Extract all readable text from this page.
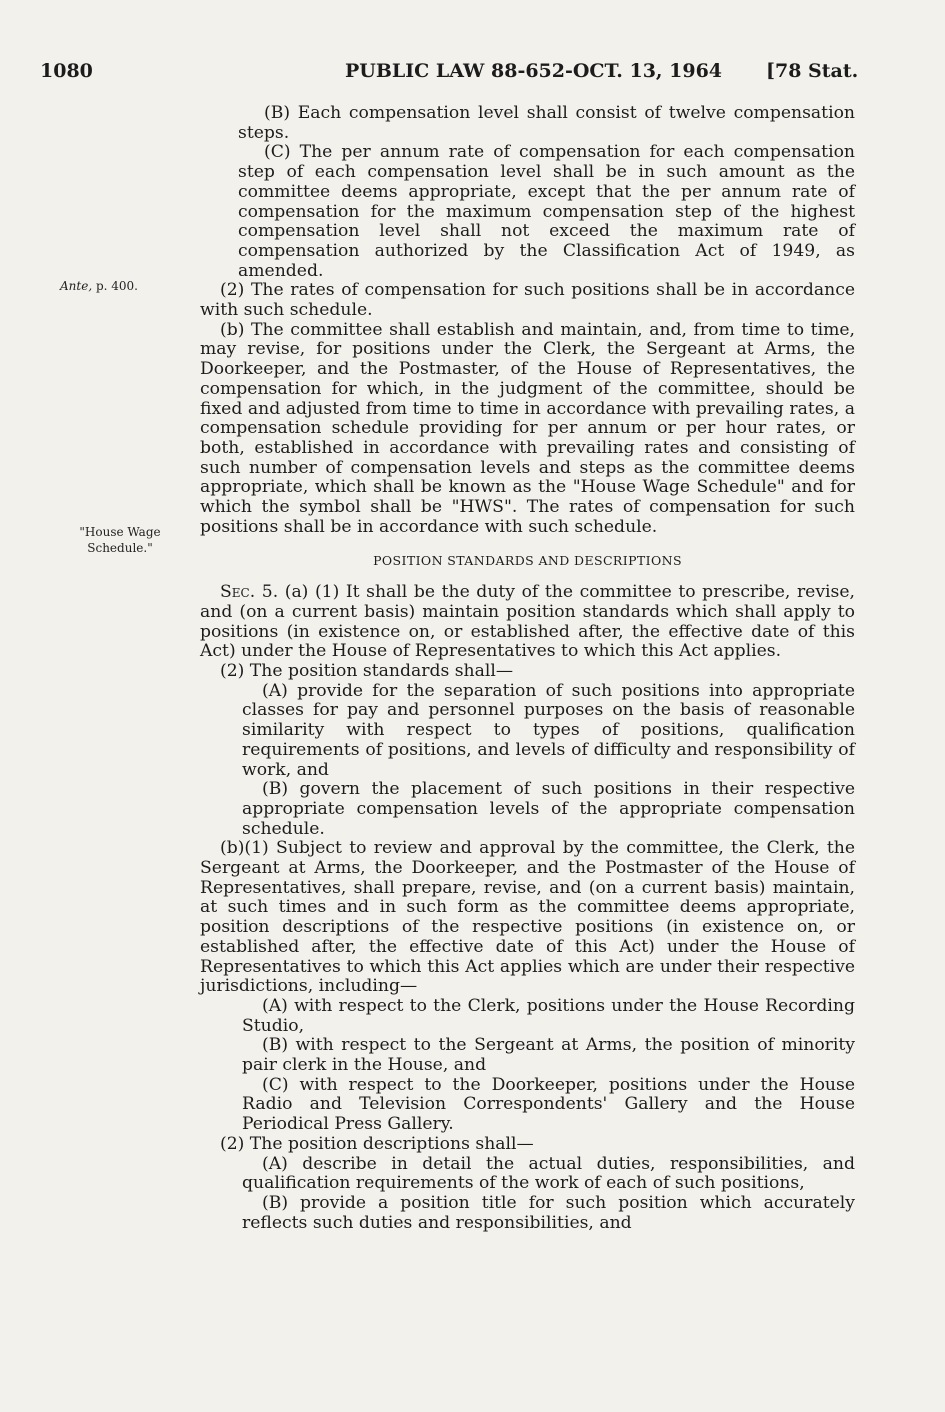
1080	PUBLIC LAW 88-652-OCT. 13, 1964 [78 Stat.
Ante, p. 400.
"House Wage
Schedule."

(B) Each compensation level shall consist of twelve compensation steps.

(C) The per annum rate of compensation for each compensation step of each compensation level shall be in such amount as the committee deems appropriate, except that the per annum rate of compensation for the maximum compensation step of the highest compensation level shall not exceed the maximum rate of compensation authorized by the Classification Act of 1949, as amended.

(2) The rates of compensation for such positions shall be in accordance with such schedule.

(b) The committee shall establish and maintain, and, from time to time, may revise, for positions under the Clerk, the Sergeant at Arms, the Doorkeeper, and the Postmaster, of the House of Representatives, the compensation for which, in the judgment of the committee, should be fixed and adjusted from time to time in accordance with prevailing rates, a compensation schedule providing for per annum or per hour rates, or both, established in accordance with prevailing rates and consisting of such number of compensation levels and steps as the committee deems appropriate, which shall be known as the "House Wage Schedule" and for which the symbol shall be "HWS". The rates of compensation for such positions shall be in accordance with such schedule.

POSITION STANDARDS AND DESCRIPTIONS

Sec. 5. (a) (1) It shall be the duty of the committee to prescribe, revise, and (on a current basis) maintain position standards which shall apply to positions (in existence on, or established after, the effective date of this Act) under the House of Representatives to which this Act applies.

(2) The position standards shall—

(A) provide for the separation of such positions into appropriate classes for pay and personnel purposes on the basis of reasonable similarity with respect to types of positions, qualification requirements of positions, and levels of difficulty and responsibility of work, and

(B) govern the placement of such positions in their respective appropriate compensation levels of the appropriate compensation schedule.

(b)(1) Subject to review and approval by the committee, the Clerk, the Sergeant at Arms, the Doorkeeper, and the Postmaster of the House of Representatives, shall prepare, revise, and (on a current basis) maintain, at such times and in such form as the committee deems appropriate, position descriptions of the respective positions (in existence on, or established after, the effective date of this Act) under the House of Representatives to which this Act applies which are under their respective jurisdictions, including—

(A) with respect to the Clerk, positions under the House Recording Studio,

(B) with respect to the Sergeant at Arms, the position of minority pair clerk in the House, and

(C) with respect to the Doorkeeper, positions under the House Radio and Television Correspondents' Gallery and the House Periodical Press Gallery.

(2) The position descriptions shall—

(A) describe in detail the actual duties, responsibilities, and qualification requirements of the work of each of such positions,

(B) provide a position title for such position which accurately reflects such duties and responsibilities, and
